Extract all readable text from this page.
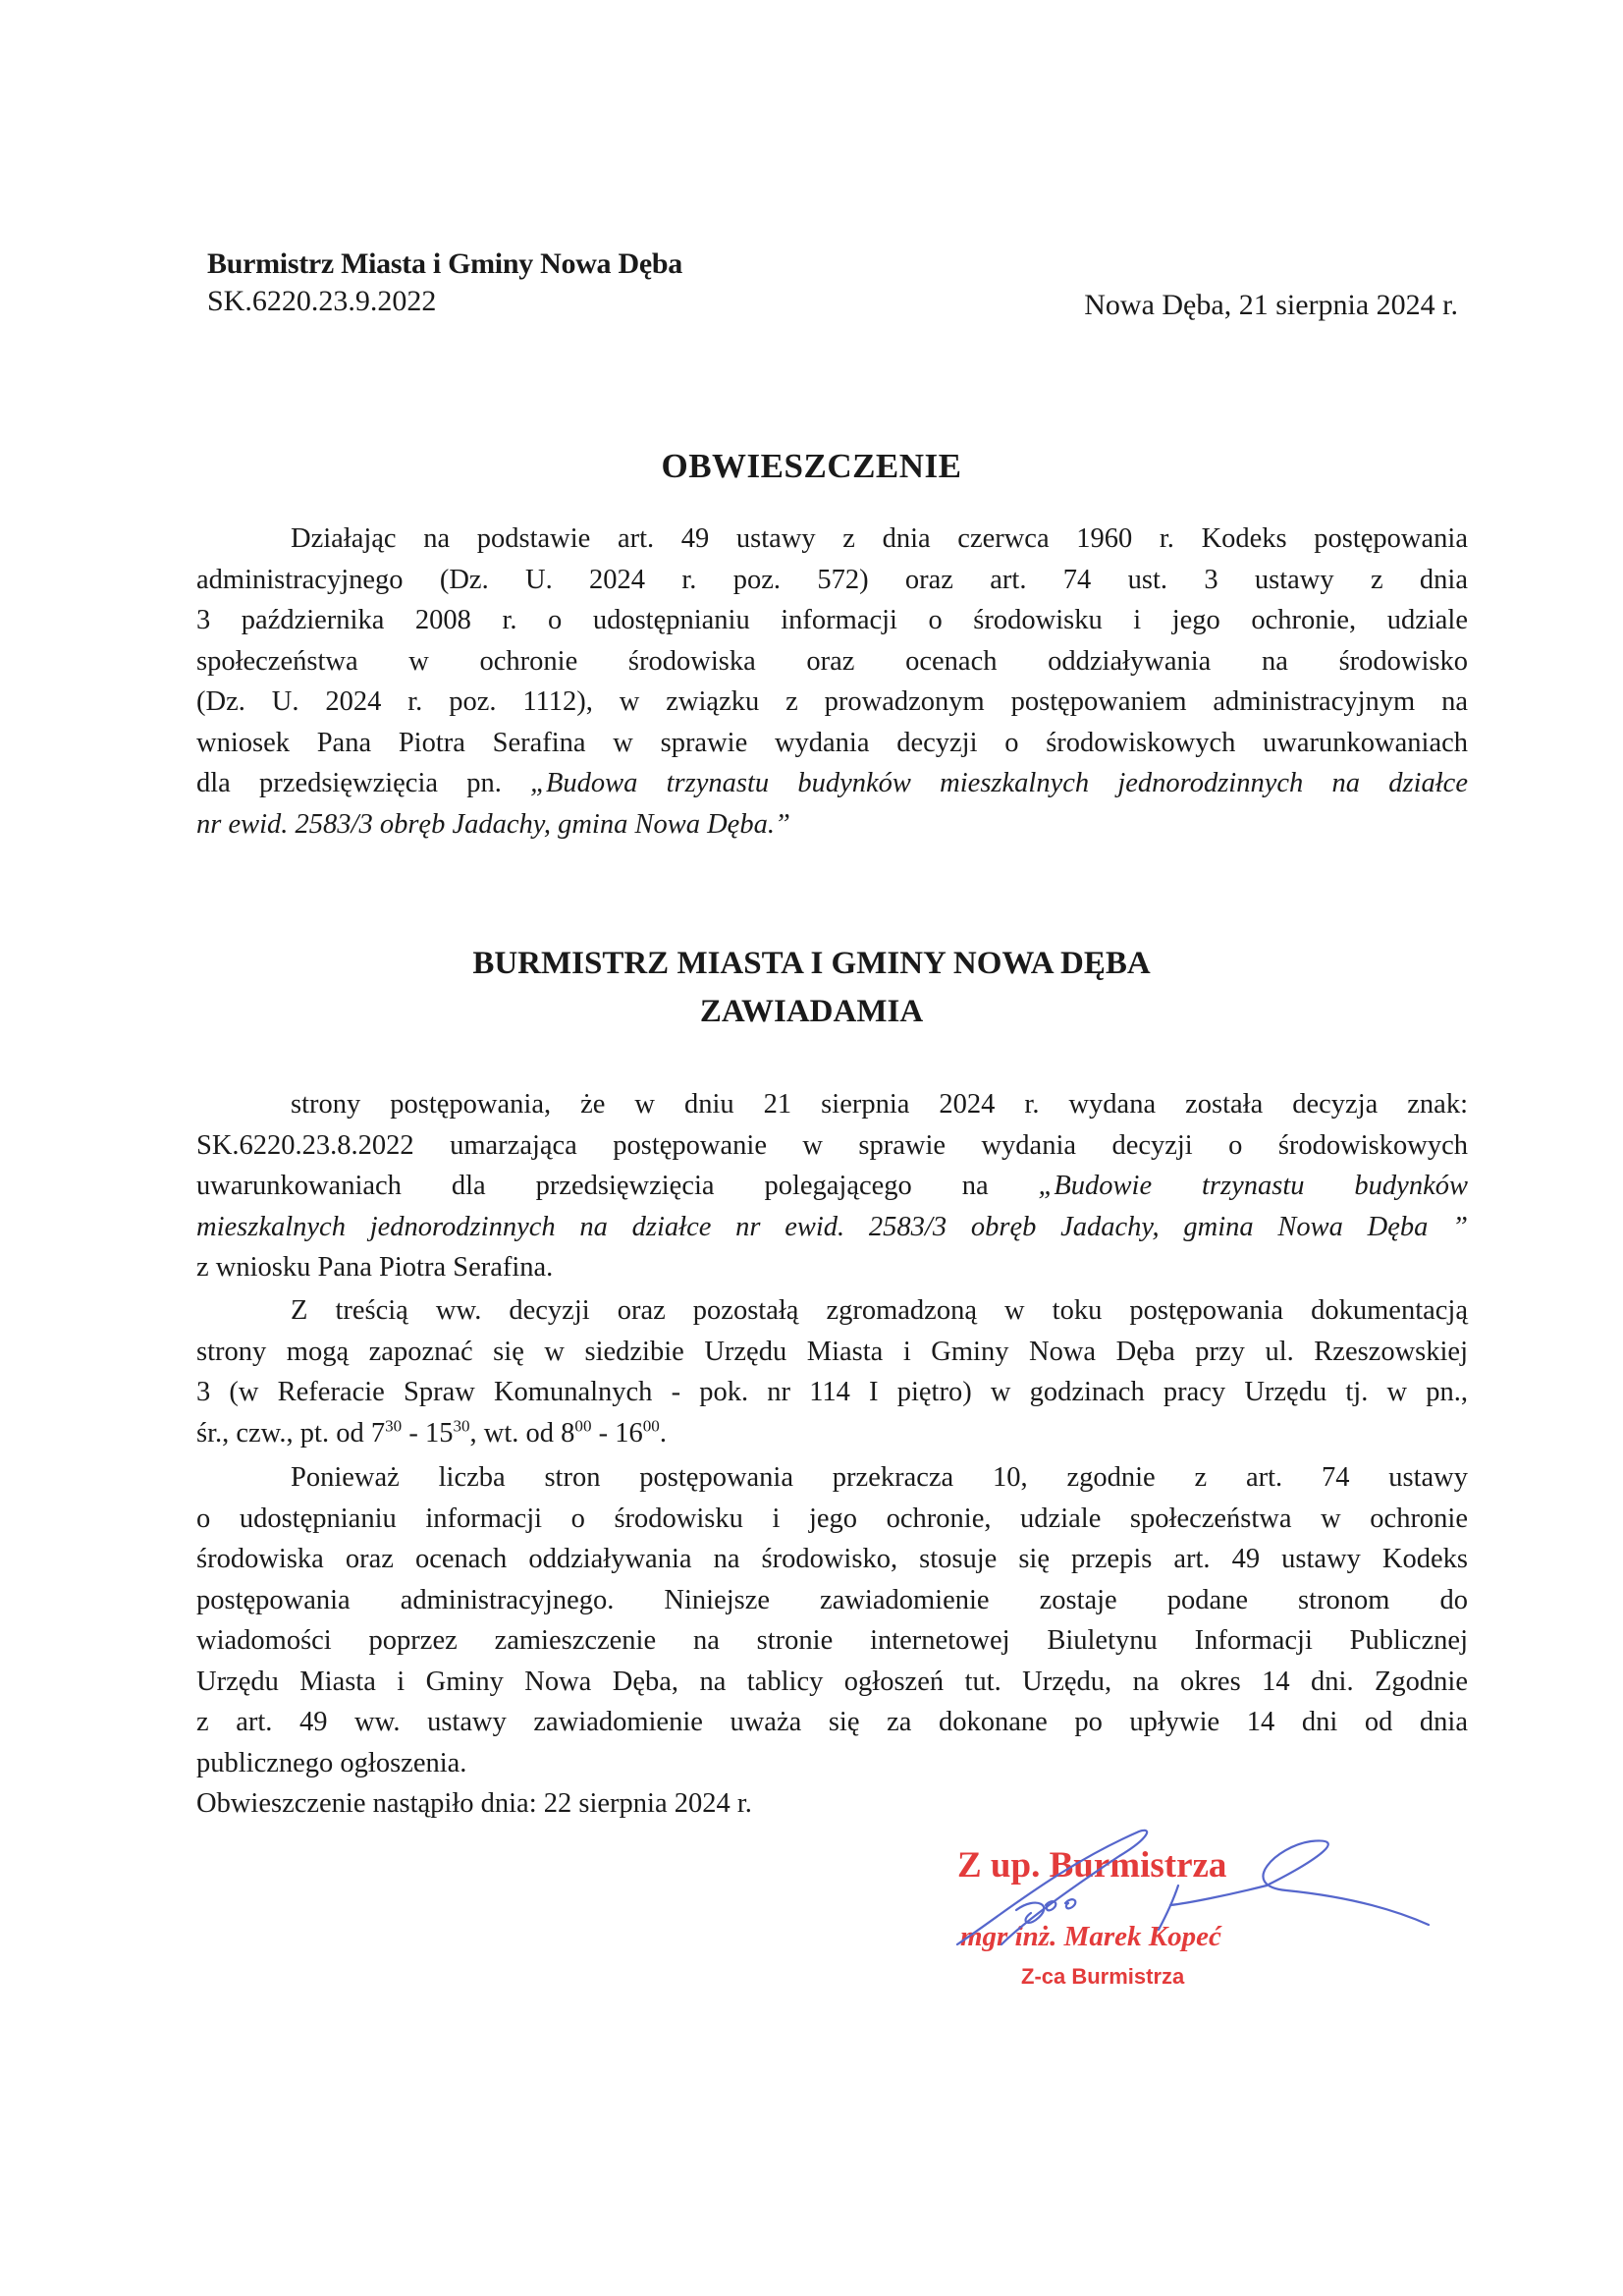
Burmistrz Miasta i Gminy Nowa Dęba
SK.6220.23.9.2022	Nowa Dęba, 21 sierpnia 2024 r.
OBWIESZCZENIE
Działając na podstawie art. 49 ustawy z dnia czerwca 1960 r. Kodeks postępowania
administracyjnego (Dz. U. 2024 r. poz. 572) oraz art. 74 ust. 3 ustawy z dnia
3 października 2008 r. o udostępnianiu informacji o środowisku i jego ochronie, udziale
społeczeństwa w ochronie środowiska oraz ocenach oddziaływania na środowisko
(Dz. U. 2024 r. poz. 1112), w związku z prowadzonym postępowaniem administracyjnym na
wniosek Pana Piotra Serafina w sprawie wydania decyzji o środowiskowych uwarunkowaniach
dla przedsięwzięcia pn. „Budowa trzynastu budynków mieszkalnych jednorodzinnych na działce
nr ewid. 2583/3 obręb Jadachy, gmina Nowa Dęba.”
BURMISTRZ MIASTA I GMINY NOWA DĘBA
ZAWIADAMIA
strony postępowania, że w dniu 21 sierpnia 2024 r. wydana została decyzja znak:
SK.6220.23.8.2022 umarzająca postępowanie w sprawie wydania decyzji o środowiskowych
uwarunkowaniach dla przedsięwzięcia polegającego na „Budowie trzynastu budynków
mieszkalnych jednorodzinnych na działce nr ewid. 2583/3 obręb Jadachy, gmina Nowa Dęba ”
z wniosku Pana Piotra Serafina.
Z treścią ww. decyzji oraz pozostałą zgromadzoną w toku postępowania dokumentacją
strony mogą zapoznać się w siedzibie Urzędu Miasta i Gminy Nowa Dęba przy ul. Rzeszowskiej
3 (w Referacie Spraw Komunalnych - pok. nr 114 I piętro) w godzinach pracy Urzędu tj. w pn.,
śr., czw., pt. od $7^{30} - 15^{30}$, wt. od $8^{00} - 16^{00}$.
Ponieważ liczba stron postępowania przekracza 10, zgodnie z art. 74 ustawy
o udostępnianiu informacji o środowisku i jego ochronie, udziale społeczeństwa w ochronie
środowiska oraz ocenach oddziaływania na środowisko, stosuje się przepis art. 49 ustawy Kodeks
postępowania administracyjnego. Niniejsze zawiadomienie zostaje podane stronom do
wiadomości poprzez zamieszczenie na stronie internetowej Biuletynu Informacji Publicznej
Urzędu Miasta i Gminy Nowa Dęba, na tablicy ogłoszeń tut. Urzędu, na okres 14 dni. Zgodnie
z art. 49 ww. ustawy zawiadomienie uważa się za dokonane po upływie 14 dni od dnia
publicznego ogłoszenia.
Obwieszczenie nastąpiło dnia: 22 sierpnia 2024 r.
Z up. Burmistrza
mgr inż. Marek Kopeć
Z-ca Burmistrza
